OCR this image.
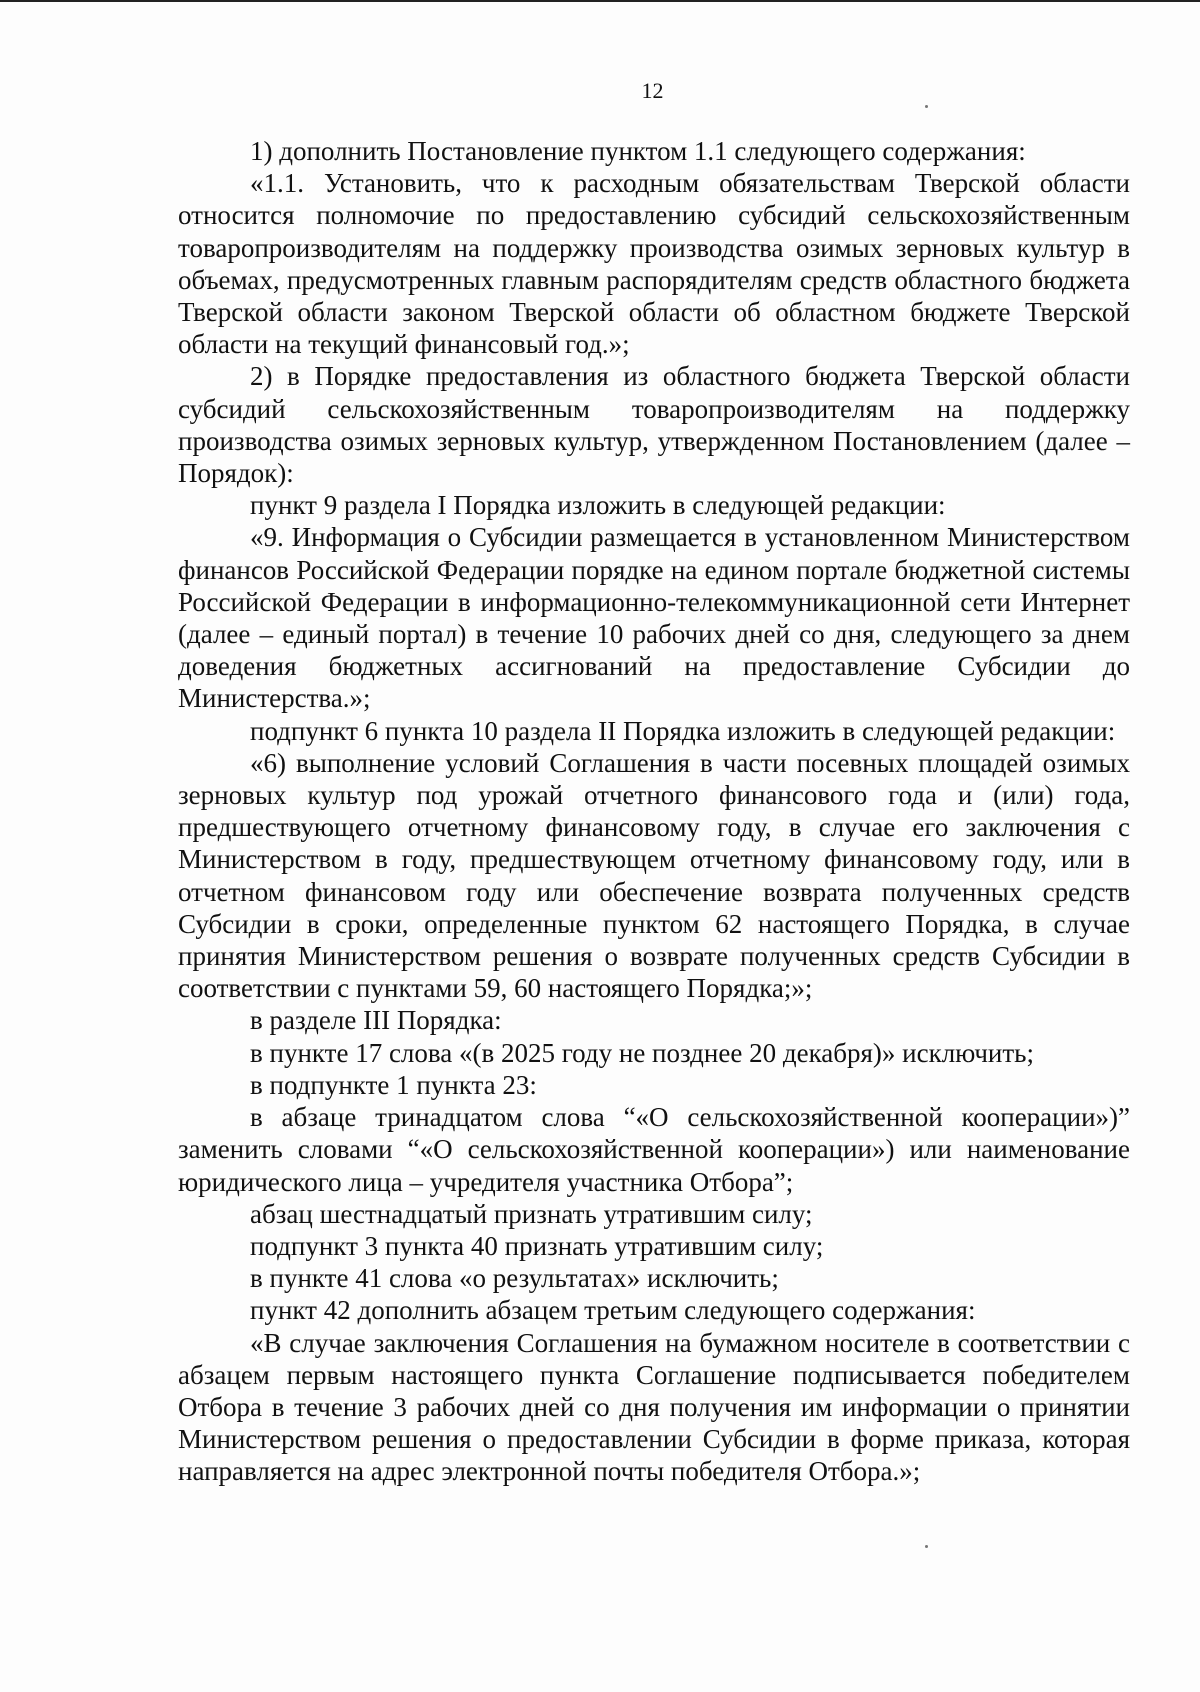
12

1) дополнить Постановление пунктом 1.1 следующего содержания:

«1.1. Установить, что к расходным обязательствам Тверской области относится полномочие по предоставлению субсидий сельскохозяйственным товаропроизводителям на поддержку производства озимых зерновых культур в объемах, предусмотренных главным распорядителям средств областного бюджета Тверской области законом Тверской области об областном бюджете Тверской области на текущий финансовый год.»;

2) в Порядке предоставления из областного бюджета Тверской области субсидий сельскохозяйственным товаропроизводителям на поддержку производства озимых зерновых культур, утвержденном Постановлением (далее – Порядок):

пункт 9 раздела I Порядка изложить в следующей редакции:

«9. Информация о Субсидии размещается в установленном Министерством финансов Российской Федерации порядке на едином портале бюджетной системы Российской Федерации в информационно-телекоммуникационной сети Интернет (далее – единый портал) в течение 10 рабочих дней со дня, следующего за днем доведения бюджетных ассигнований на предоставление Субсидии до Министерства.»;

подпункт 6 пункта 10 раздела II Порядка изложить в следующей редакции:

«6) выполнение условий Соглашения в части посевных площадей озимых зерновых культур под урожай отчетного финансового года и (или) года, предшествующего отчетному финансовому году, в случае его заключения с Министерством в году, предшествующем отчетному финансовому году, или в отчетном финансовом году или обеспечение возврата полученных средств Субсидии в сроки, определенные пунктом 62 настоящего Порядка, в случае принятия Министерством решения о возврате полученных средств Субсидии в соответствии с пунктами 59, 60 настоящего Порядка;»;

в разделе III Порядка:

в пункте 17 слова «(в 2025 году не позднее 20 декабря)» исключить;

в подпункте 1 пункта 23:

в абзаце тринадцатом слова “«О сельскохозяйственной кооперации»)” заменить словами “«О сельскохозяйственной кооперации») или наименование юридического лица – учредителя участника Отбора”;

абзац шестнадцатый признать утратившим силу;

подпункт 3 пункта 40 признать утратившим силу;

в пункте 41 слова «о результатах» исключить;

пункт 42 дополнить абзацем третьим следующего содержания:

«В случае заключения Соглашения на бумажном носителе в соответствии с абзацем первым настоящего пункта Соглашение подписывается победителем Отбора в течение 3 рабочих дней со дня получения им информации о принятии Министерством решения о предоставлении Субсидии в форме приказа, которая направляется на адрес электронной почты победителя Отбора.»;
